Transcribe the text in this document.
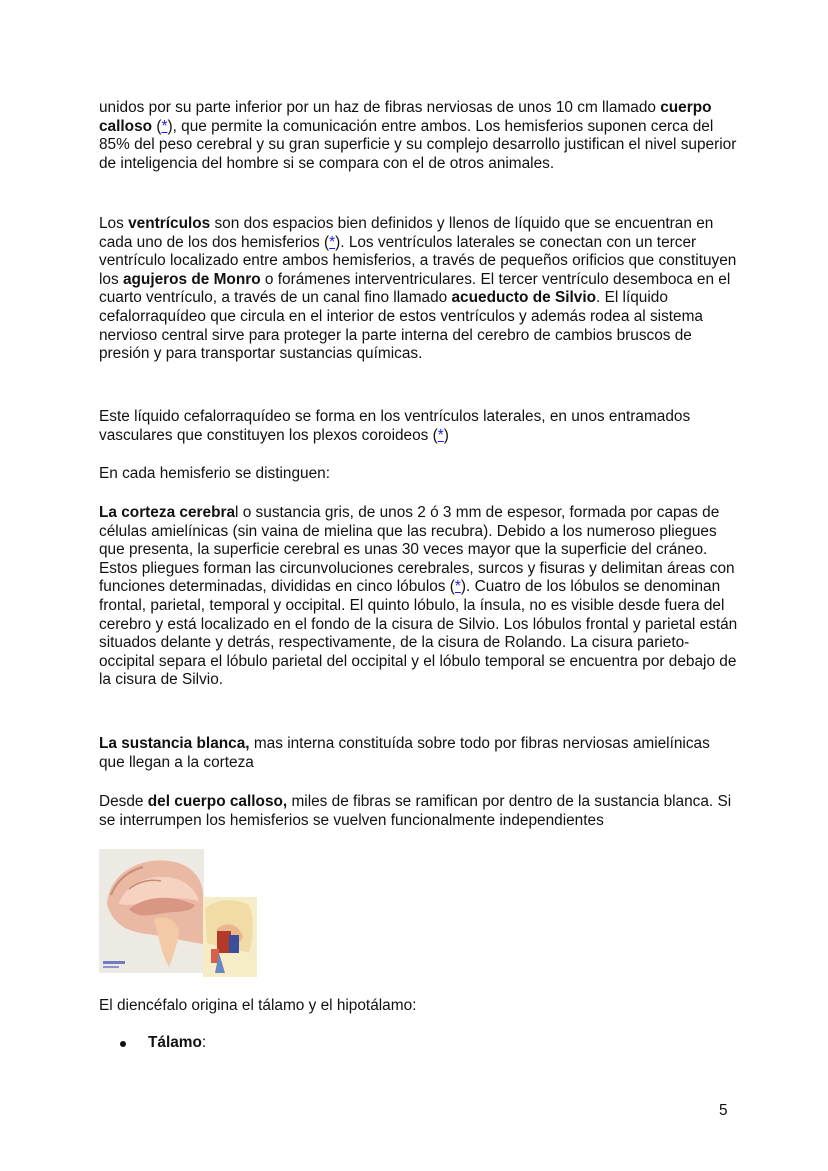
unidos por su parte inferior por un haz de fibras nerviosas de unos 10 cm llamado cuerpo calloso (*), que permite la comunicación entre ambos. Los hemisferios suponen cerca del 85% del peso cerebral y su gran superficie y su complejo desarrollo justifican el nivel superior de inteligencia del hombre si se compara con el de otros animales.

Los ventrículos son dos espacios bien definidos y llenos de líquido que se encuentran en cada uno de los dos hemisferios (*). Los ventrículos laterales se conectan con un tercer ventrículo localizado entre ambos hemisferios, a través de pequeños orificios que constituyen los agujeros de Monro o forámenes interventriculares. El tercer ventrículo desemboca en el cuarto ventrículo, a través de un canal fino llamado acueducto de Silvio. El líquido cefalorraquídeo que circula en el interior de estos ventrículos y además rodea al sistema nervioso central sirve para proteger la parte interna del cerebro de cambios bruscos de presión y para transportar sustancias químicas.

Este líquido cefalorraquídeo se forma en los ventrículos laterales, en unos entramados vasculares que constituyen los plexos coroideos (*)

En cada hemisferio se distinguen:

La corteza cerebral o sustancia gris, de unos 2 ó 3 mm de espesor, formada por capas de células amielínicas (sin vaina de mielina que las recubra). Debido a los numeroso pliegues que presenta, la superficie cerebral es unas 30 veces mayor que la superficie del cráneo. Estos pliegues forman las circunvoluciones cerebrales, surcos y fisuras y delimitan áreas con funciones determinadas, divididas en cinco lóbulos (*). Cuatro de los lóbulos se denominan frontal, parietal, temporal y occipital. El quinto lóbulo, la ínsula, no es visible desde fuera del cerebro y está localizado en el fondo de la cisura de Silvio. Los lóbulos frontal y parietal están situados delante y detrás, respectivamente, de la cisura de Rolando. La cisura parieto-occipital separa el lóbulo parietal del occipital y el lóbulo temporal se encuentra por debajo de la cisura de Silvio.

La sustancia blanca, mas interna constituída sobre todo por fibras nerviosas amielínicas que llegan a la corteza

Desde del cuerpo calloso, miles de fibras se ramifican por dentro de la sustancia blanca. Si se interrumpen los hemisferios se vuelven funcionalmente independientes

El diencéfalo origina el tálamo y el hipotálamo:

Tálamo:
5
